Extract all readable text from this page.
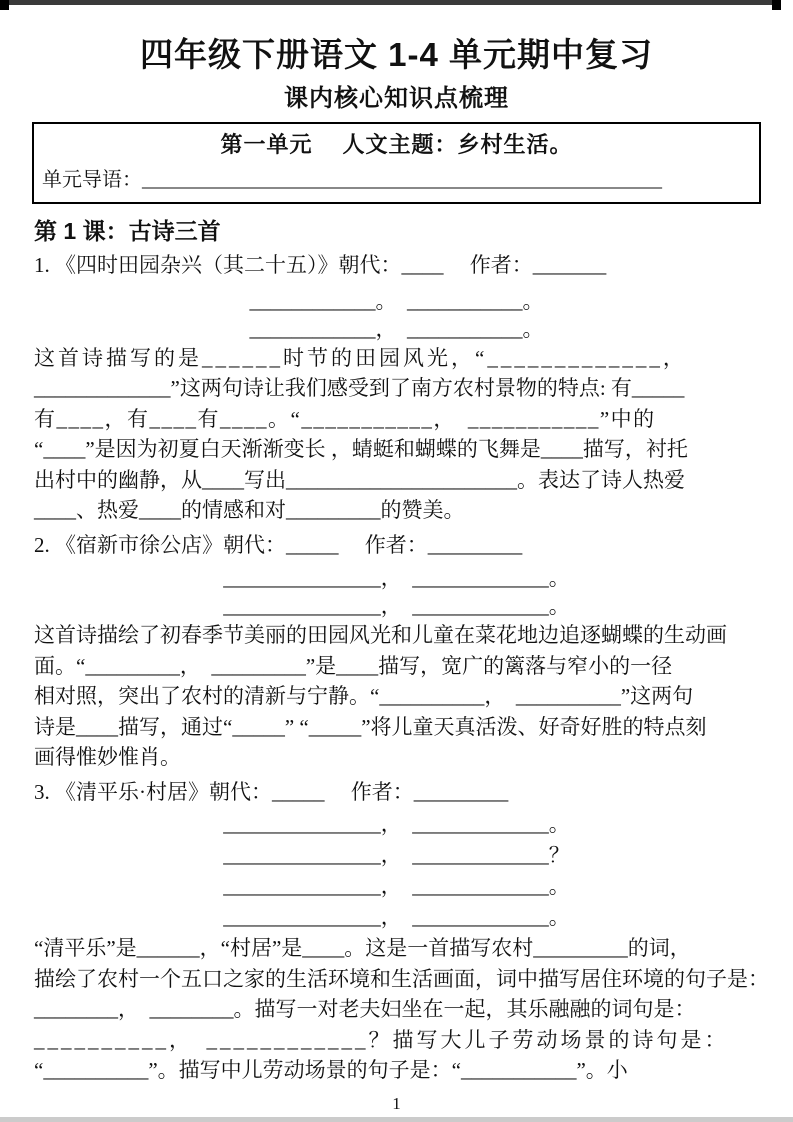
四年级下册语文 1-4 单元期中复习
课内核心知识点梳理
第一单元　 人文主题：乡村生活。
单元导语：____________________________________________________
第 1 课：古诗三首
1. 《四时田园杂兴（其二十五）》朝代：____ 　作者：_______
____________。　___________。
____________，　___________。
这首诗描写的是______时节的田园风光，“_____________，
_____________”这两句诗让我们感受到了南方农村景物的特点: 有_____
有____，有____有____。“___________，　___________”中的
“____”是因为初夏白天渐渐变长 ，蜻蜓和蝴蝶的飞舞是____描写，衬托
出村中的幽静，从____写出______________________。表达了诗人热爱
____、热爱____的情感和对_________的赞美。
2. 《宿新市徐公店》朝代：_____ 　作者：_________
_______________，　_____________。
_______________，　_____________。
这首诗描绘了初春季节美丽的田园风光和儿童在菜花地边追逐蝴蝶的生动画
面。“_________，　_________”是____描写，宽广的篱落与窄小的一径
相对照，突出了农村的清新与宁静。“__________，　__________”这两句
诗是____描写，通过“_____” “_____”将儿童天真活泼、好奇好胜的特点刻
画得惟妙惟肖。
3. 《清平乐·村居》朝代：_____ 　作者：_________
_______________，　_____________。
_______________，　_____________？
_______________，　_____________。
_______________，　_____________。
“清平乐”是______，“村居”是____。这是一首描写农村_________的词，
描绘了农村一个五口之家的生活环境和生活画面，词中描写居住环境的句子是：
________，　________。描写一对老夫妇坐在一起，其乐融融的词句是：
__________，　____________？描写大儿子劳动场景的诗句是：
“__________”。描写中儿劳动场景的句子是：“___________”。小
1
